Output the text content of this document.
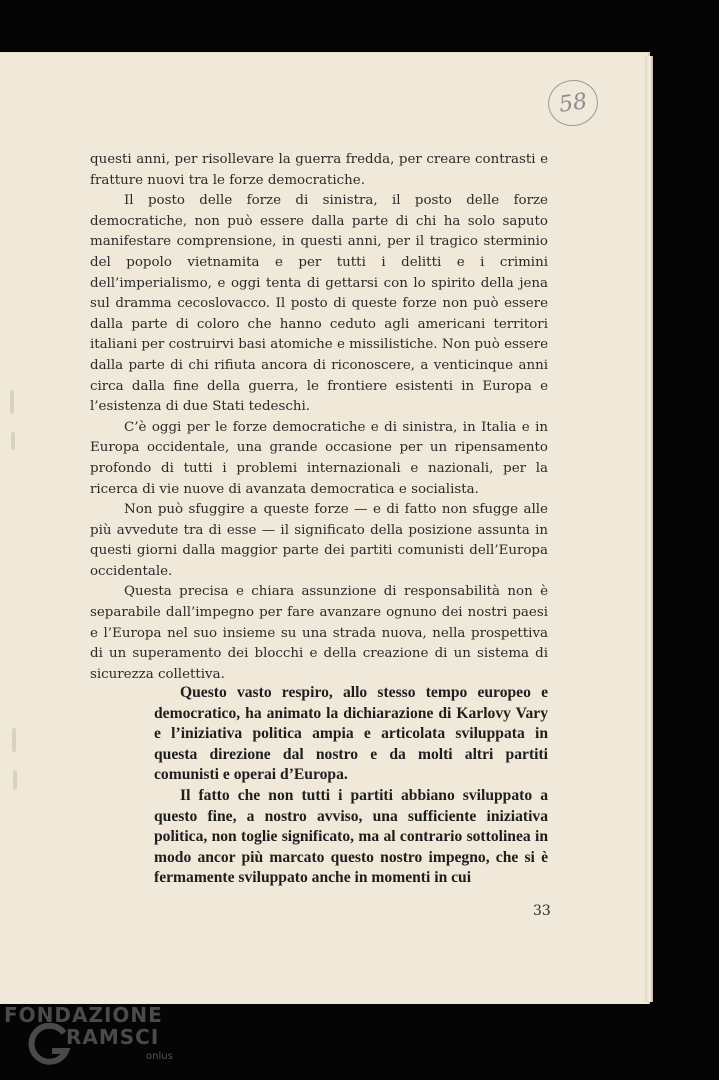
58

questi anni, per risollevare la guerra fredda, per creare contrasti e fratture nuovi tra le forze democratiche.

Il posto delle forze di sinistra, il posto delle forze democratiche, non può essere dalla parte di chi ha solo saputo manifestare comprensione, in questi anni, per il tragico sterminio del popolo vietnamita e per tutti i delitti e i crimini dell’imperialismo, e oggi tenta di gettarsi con lo spirito della jena sul dramma cecoslovacco. Il posto di queste forze non può essere dalla parte di coloro che hanno ceduto agli americani territori italiani per costruirvi basi atomiche e missilistiche. Non può essere dalla parte di chi rifiuta ancora di riconoscere, a venticinque anni circa dalla fine della guerra, le frontiere esistenti in Europa e l’esistenza di due Stati tedeschi.

C’è oggi per le forze democratiche e di sinistra, in Italia e in Europa occidentale, una grande occasione per un ripensamento profondo di tutti i problemi internazionali e nazionali, per la ricerca di vie nuove di avanzata democratica e socialista.

Non può sfuggire a queste forze — e di fatto non sfugge alle più avvedute tra di esse — il significato della posizione assunta in questi giorni dalla maggior parte dei partiti comunisti dell’Europa occidentale.

Questa precisa e chiara assunzione di responsabilità non è separabile dall’impegno per fare avanzare ognuno dei nostri paesi e l’Europa nel suo insieme su una strada nuova, nella prospettiva di un superamento dei blocchi e della creazione di un sistema di sicurezza collettiva.

Questo vasto respiro, allo stesso tempo europeo e democratico, ha animato la dichiarazione di Karlovy Vary e l’iniziativa politica ampia e articolata sviluppata in questa direzione dal nostro e da molti altri partiti comunisti e operai d’Europa.

Il fatto che non tutti i partiti abbiano sviluppato a questo fine, a nostro avviso, una sufficiente iniziativa politica, non toglie significato, ma al contrario sottolinea in modo ancor più marcato questo nostro impegno, che si è fermamente sviluppato anche in momenti in cui

33
FONDAZIONE
RAMSCI
onlus
